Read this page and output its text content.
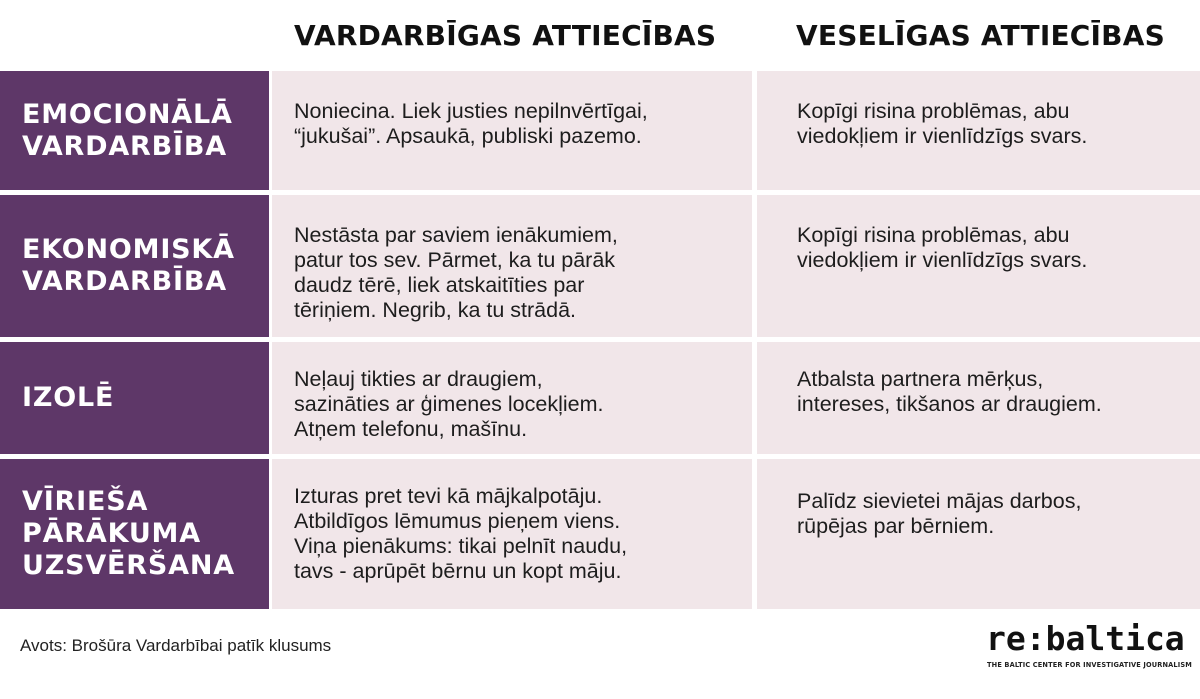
VARDARBĪGAS ATTIECĪBAS	VESELĪGAS ATTIECĪBAS
EMOCIONĀLĀ
VARDARBĪBA
Noniecina. Liek justies nepilnvērtīgai,
“jukušai”. Apsaukā, publiski pazemo.
Kopīgi risina problēmas, abu
viedokļiem ir vienlīdzīgs svars.
EKONOMISKĀ
VARDARBĪBA
Nestāsta par saviem ienākumiem,
patur tos sev. Pārmet, ka tu pārāk
daudz tērē, liek atskaitīties par
tēriņiem. Negrib, ka tu strādā.
Kopīgi risina problēmas, abu
viedokļiem ir vienlīdzīgs svars.
IZOLĒ
Neļauj tikties ar draugiem,
sazināties ar ģimenes locekļiem.
Atņem telefonu, mašīnu.
Atbalsta partnera mērķus,
intereses, tikšanos ar draugiem.
VĪRIEŠA
PĀRĀKUMA
UZSVĒRŠANA
Izturas pret tevi kā mājkalpotāju.
Atbildīgos lēmumus pieņem viens.
Viņa pienākums: tikai pelnīt naudu,
tavs - aprūpēt bērnu un kopt māju.
Palīdz sievietei mājas darbos,
rūpējas par bērniem.
Avots: Brošūra Vardarbībai patīk klusums	re:baltica
THE BALTIC CENTER FOR INVESTIGATIVE JOURNALISM
